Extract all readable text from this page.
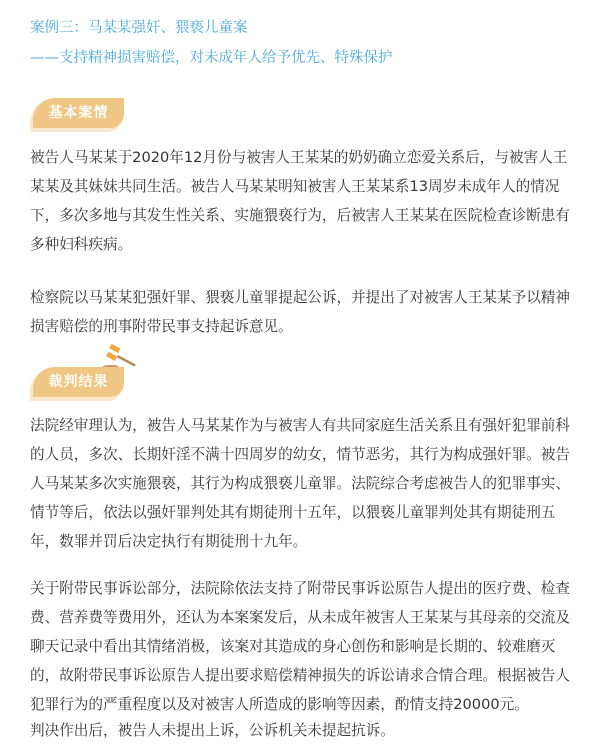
案例三：马某某强奸、猥亵儿童案
——支持精神损害赔偿，对未成年人给予优先、特殊保护
基本案情
被告人马某某于2020年12月份与被害人王某某的奶奶确立恋爱关系后，与被害人王
某某及其妹妹共同生活。被告人马某某明知被害人王某某系13周岁未成年人的情况
下，多次多地与其发生性关系、实施猥亵行为，后被害人王某某在医院检查诊断患有
多种妇科疾病。
检察院以马某某犯强奸罪、猥亵儿童罪提起公诉，并提出了对被害人王某某予以精神
损害赔偿的刑事附带民事支持起诉意见。
裁判结果
法院经审理认为，被告人马某某作为与被害人有共同家庭生活关系且有强奸犯罪前科
的人员，多次、长期奸淫不满十四周岁的幼女，情节恶劣，其行为构成强奸罪。被告
人马某某多次实施猥亵，其行为构成猥亵儿童罪。法院综合考虑被告人的犯罪事实、
情节等后，依法以强奸罪判处其有期徒刑十五年，以猥亵儿童罪判处其有期徒刑五
年，数罪并罚后决定执行有期徒刑十九年。
关于附带民事诉讼部分，法院除依法支持了附带民事诉讼原告人提出的医疗费、检查
费、营养费等费用外，还认为本案案发后，从未成年被害人王某某与其母亲的交流及
聊天记录中看出其情绪消极，该案对其造成的身心创伤和影响是长期的、较难磨灭
的，故附带民事诉讼原告人提出要求赔偿精神损失的诉讼请求合情合理。根据被告人
犯罪行为的严重程度以及对被害人所造成的影响等因素，酌情支持20000元。
判决作出后，被告人未提出上诉，公诉机关未提起抗诉。
